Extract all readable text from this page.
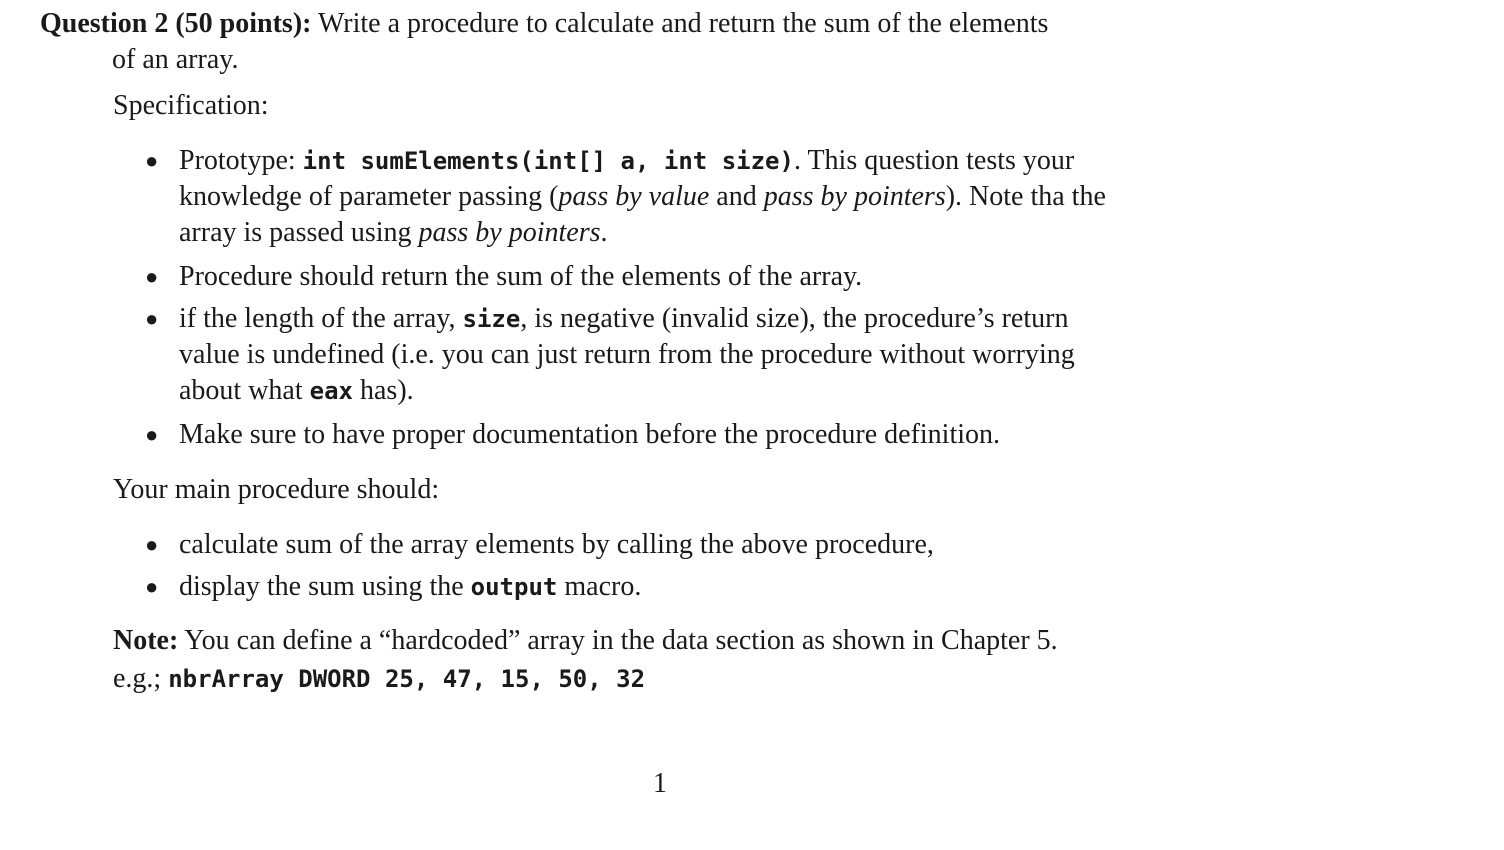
Question 2 (50 points): Write a procedure to calculate and return the sum of the elements
of an array.
Specification:
● Prototype: int sumElements(int[] a, int size). This question tests your
knowledge of parameter passing (pass by value and pass by pointers). Note tha the
array is passed using pass by pointers.
● Procedure should return the sum of the elements of the array.
● if the length of the array, size, is negative (invalid size), the procedure’s return
value is undefined (i.e. you can just return from the procedure without worrying
about what eax has).
● Make sure to have proper documentation before the procedure definition.
Your main procedure should:
● calculate sum of the array elements by calling the above procedure,
● display the sum using the output macro.
Note: You can define a “hardcoded” array in the data section as shown in Chapter 5.
e.g.; nbrArray DWORD 25, 47, 15, 50, 32
1
